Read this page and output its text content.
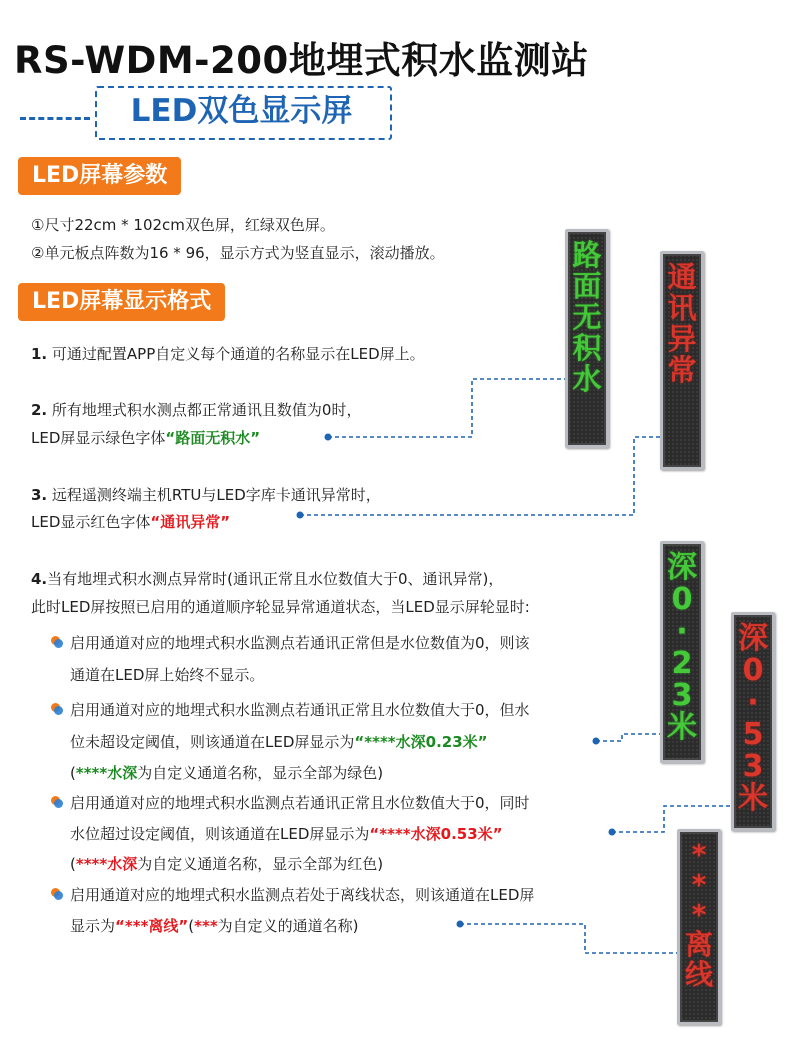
RS-WDM-200地埋式积水监测站
LED双色显示屏
LED屏幕参数
①尺寸22cm * 102cm双色屏，红绿双色屏。
②单元板点阵数为16 * 96，显示方式为竖直显示，滚动播放。
LED屏幕显示格式
1. 可通过配置APP自定义每个通道的名称显示在LED屏上。
2. 所有地埋式积水测点都正常通讯且数值为0时，
LED屏显示绿色字体“路面无积水”
3. 远程遥测终端主机RTU与LED字库卡通讯异常时，
LED显示红色字体“通讯异常”
4.当有地埋式积水测点异常时(通讯正常且水位数值大于0、通讯异常)，
此时LED屏按照已启用的通道顺序轮显异常通道状态，当LED显示屏轮显时:
启用通道对应的地埋式积水监测点若通讯正常但是水位数值为0，则该
通道在LED屏上始终不显示。
启用通道对应的地埋式积水监测点若通讯正常且水位数值大于0，但水
位未超设定阈值，则该通道在LED屏显示为“****水深0.23米”
(****水深为自定义通道名称，显示全部为绿色)
启用通道对应的地埋式积水监测点若通讯正常且水位数值大于0，同时
水位超过设定阈值，则该通道在LED屏显示为“****水深0.53米”
(****水深为自定义通道名称，显示全部为红色)
启用通道对应的地埋式积水监测点若处于离线状态，则该通道在LED屏
显示为“***离线”(***为自定义的通道名称)
路
面
无
积
水
通
讯
异
常
深
0
·
2
3
米
深
0
·
5
3
米
*
*
*
离
线
